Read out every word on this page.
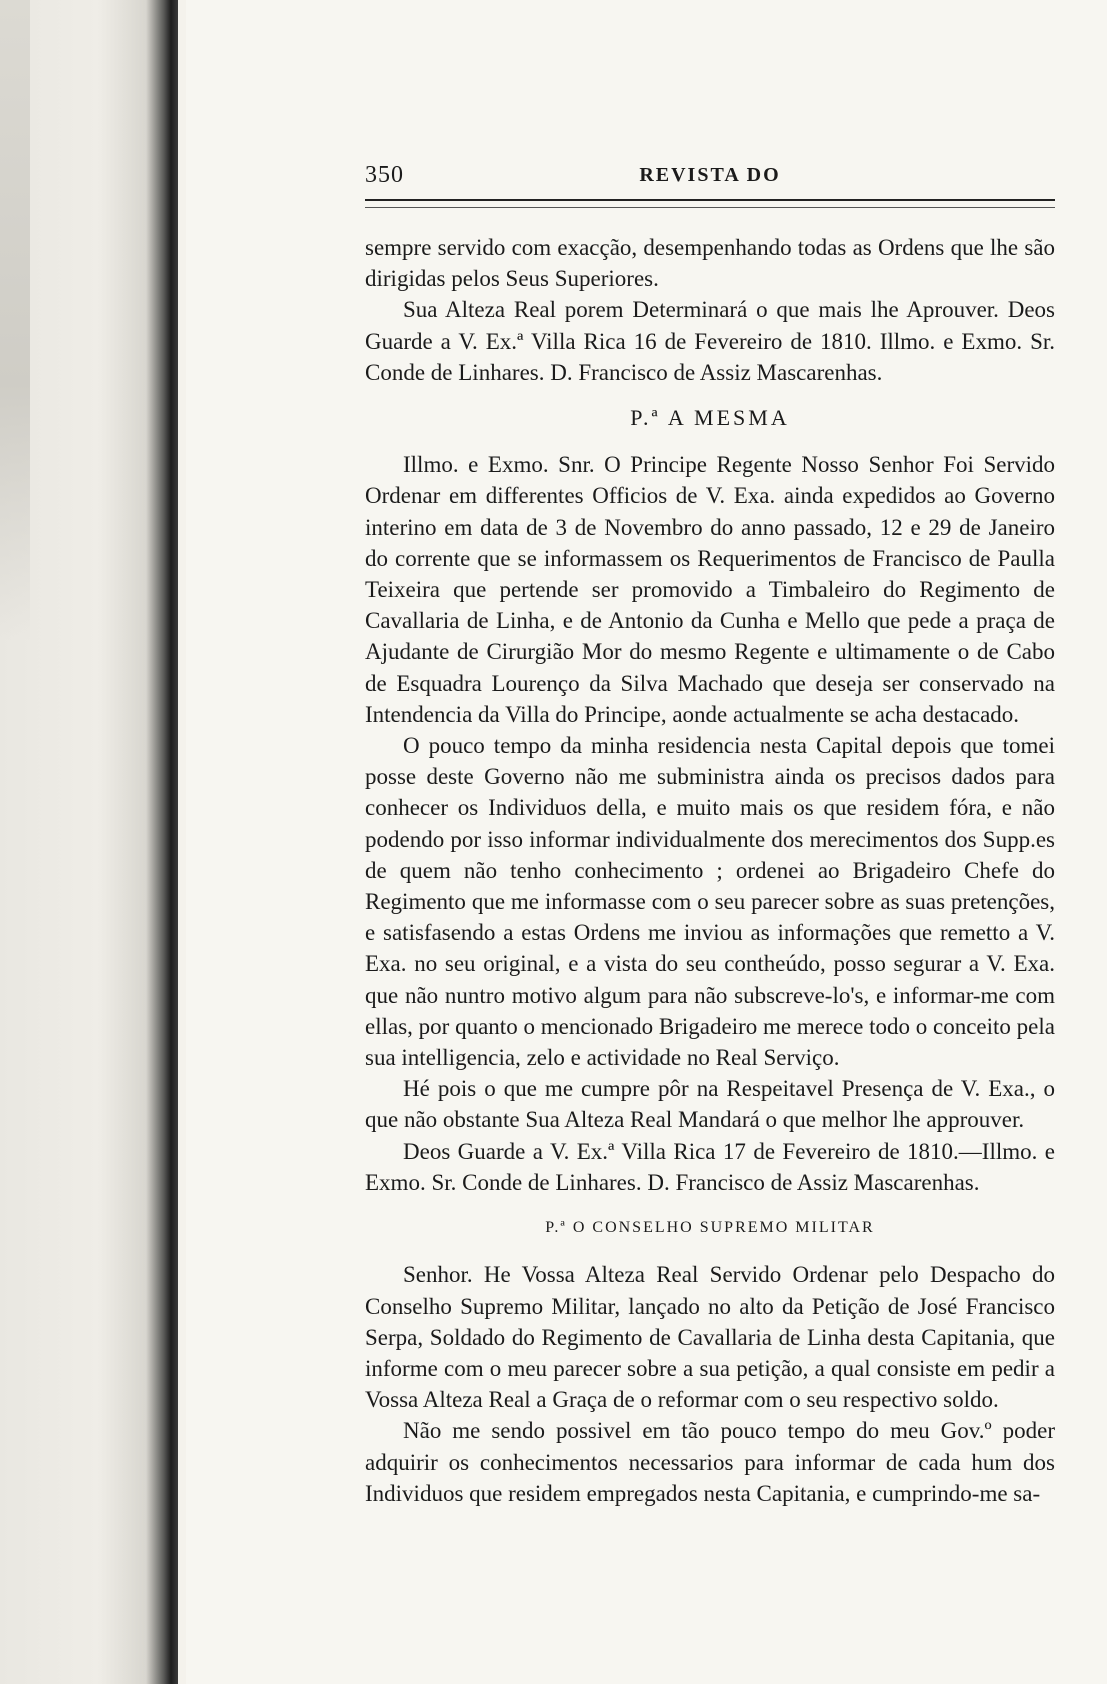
350	REVISTA DO

sempre servido com exacção, desempenhando todas as Ordens que lhe são dirigidas pelos Seus Superiores.

Sua Alteza Real porem Determinará o que mais lhe Aprouver. Deos Guarde a V. Ex.ª Villa Rica 16 de Fevereiro de 1810. Illmo. e Exmo. Sr. Conde de Linhares. D. Francisco de Assiz Mascarenhas.

P.ª A MESMA

Illmo. e Exmo. Snr. O Principe Regente Nosso Senhor Foi Servido Ordenar em differentes Officios de V. Exa. ainda expedidos ao Governo interino em data de 3 de Novembro do anno passado, 12 e 29 de Janeiro do corrente que se informassem os Requerimentos de Francisco de Paulla Teixeira que pertende ser promovido a Timbaleiro do Regimento de Cavallaria de Linha, e de Antonio da Cunha e Mello que pede a praça de Ajudante de Cirurgião Mor do mesmo Regente e ultimamente o de Cabo de Esquadra Lourenço da Silva Machado que deseja ser conservado na Intendencia da Villa do Principe, aonde actualmente se acha destacado.

O pouco tempo da minha residencia nesta Capital depois que tomei posse deste Governo não me subministra ainda os precisos dados para conhecer os Individuos della, e muito mais os que residem fóra, e não podendo por isso informar individualmente dos merecimentos dos Supp.es de quem não tenho conhecimento ; ordenei ao Brigadeiro Chefe do Regimento que me informasse com o seu parecer sobre as suas pretenções, e satisfasendo a estas Ordens me inviou as informações que remetto a V. Exa. no seu original, e a vista do seu contheúdo, posso segurar a V. Exa. que não nuntro motivo algum para não subscreve-lo's, e informar-me com ellas, por quanto o mencionado Brigadeiro me merece todo o conceito pela sua intelligencia, zelo e actividade no Real Serviço.

Hé pois o que me cumpre pôr na Respeitavel Presença de V. Exa., o que não obstante Sua Alteza Real Mandará o que melhor lhe approuver.

Deos Guarde a V. Ex.ª Villa Rica 17 de Fevereiro de 1810.—Illmo. e Exmo. Sr. Conde de Linhares. D. Francisco de Assiz Mascarenhas.

P.ª O CONSELHO SUPREMO MILITAR

Senhor. He Vossa Alteza Real Servido Ordenar pelo Despacho do Conselho Supremo Militar, lançado no alto da Petição de José Francisco Serpa, Soldado do Regimento de Cavallaria de Linha desta Capitania, que informe com o meu parecer sobre a sua petição, a qual consiste em pedir a Vossa Alteza Real a Graça de o reformar com o seu respectivo soldo.

Não me sendo possivel em tão pouco tempo do meu Gov.º poder adquirir os conhecimentos necessarios para informar de cada hum dos Individuos que residem empregados nesta Capitania, e cumprindo-me sa-
